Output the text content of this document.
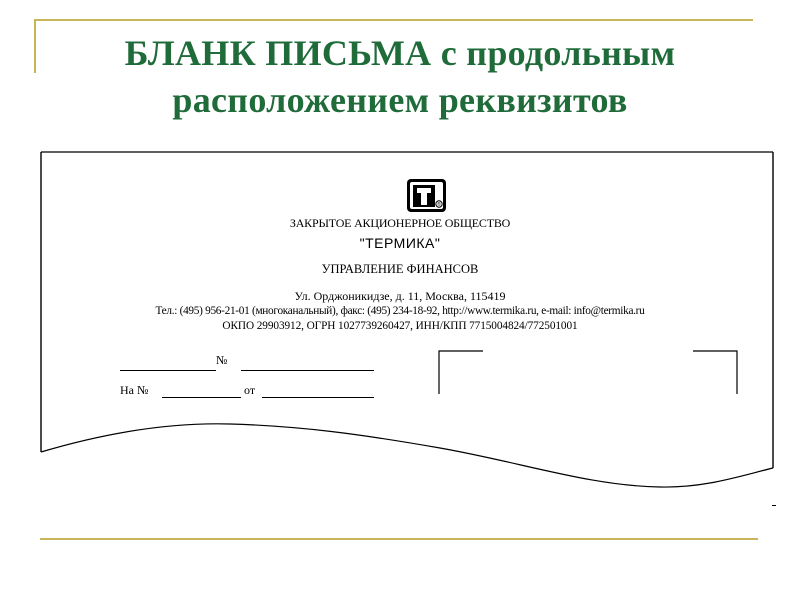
БЛАНК ПИСЬМА с продольным
расположением реквизитов
®
ЗАКРЫТОЕ АКЦИОНЕРНОЕ ОБЩЕСТВО
"ТЕРМИКА"
УПРАВЛЕНИЕ ФИНАНСОВ
Ул. Орджоникидзе, д. 11, Москва, 115419
Тел.: (495) 956-21-01 (многоканальный), факс: (495) 234-18-92, http://www.termika.ru, e-mail: info@termika.ru
ОКПО 29903912, ОГРН 1027739260427, ИНН/КПП 7715004824/772501001
№
На №	от
